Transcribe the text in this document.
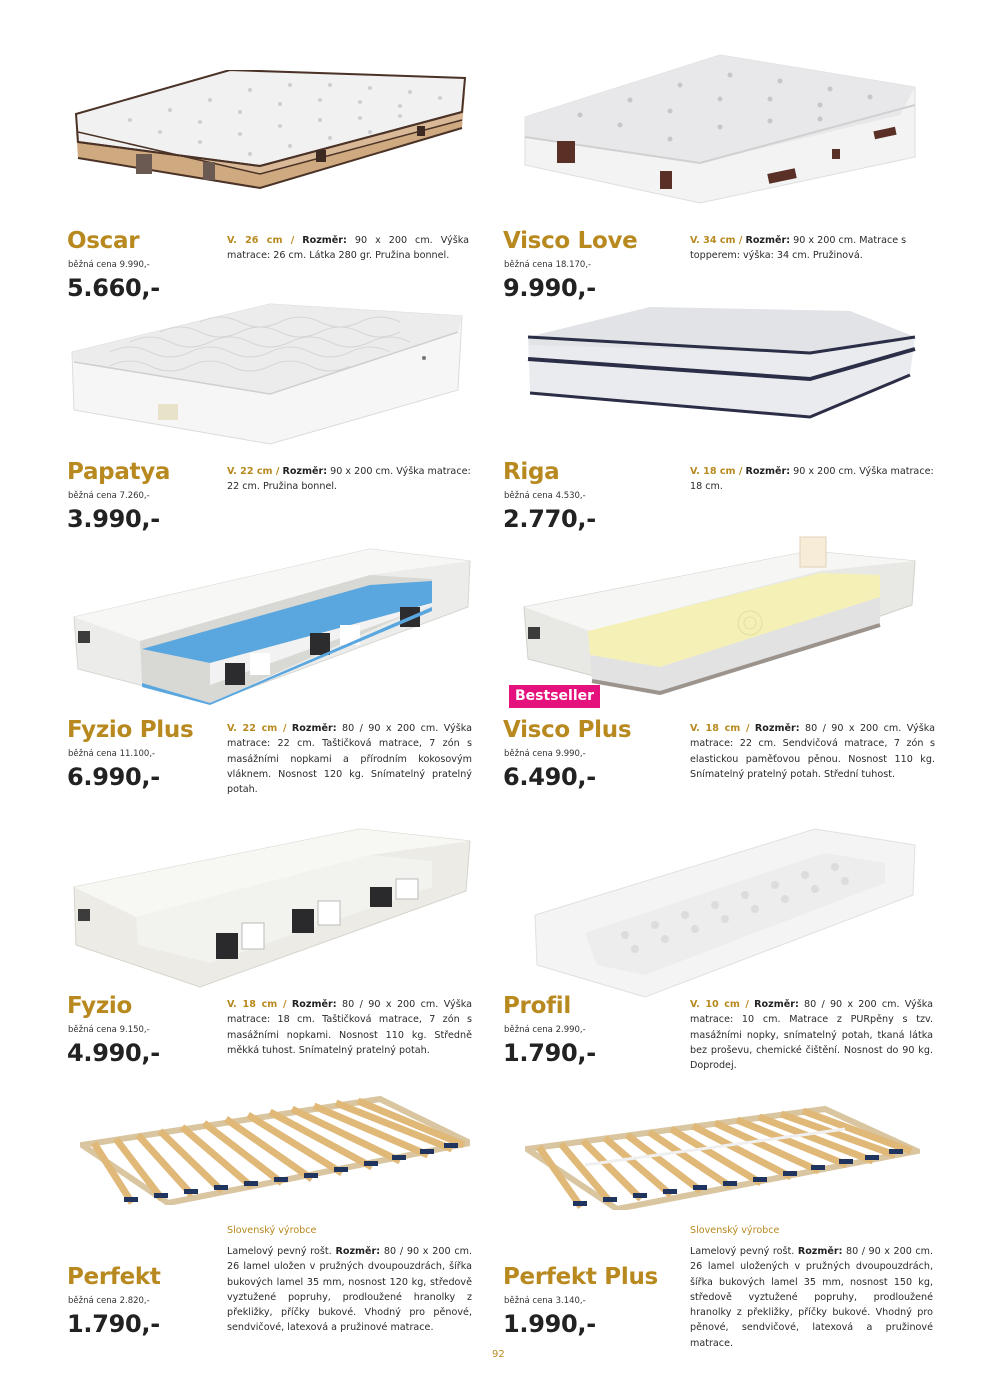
Oscar
běžná cena 9.990,-
5.660,-
V. 26 cm / Rozměr: 90 x 200 cm. Výška matrace: 26 cm. Látka 280 gr. Pružina bonnel.
Visco Love
běžná cena 18.170,-
9.990,-
V. 34 cm / Rozměr: 90 x 200 cm. Matrace s topperem: výška: 34 cm. Pružinová.
Papatya
běžná cena 7.260,-
3.990,-
V. 22 cm / Rozměr: 90 x 200 cm. Výška matrace: 22 cm. Pružina bonnel.
Riga
běžná cena 4.530,-
2.770,-
V. 18 cm / Rozměr: 90 x 200 cm. Výška matrace: 18 cm.
Fyzio Plus
běžná cena 11.100,-
6.990,-
V. 22 cm / Rozměr: 80 / 90 x 200 cm. Výška matrace: 22 cm. Taštičková matrace, 7 zón s masážními nopkami a přírodním kokosovým vláknem. Nosnost 120 kg. Snímatelný pratelný potah.
Bestseller
Visco Plus
běžná cena 9.990,-
6.490,-
V. 18 cm / Rozměr: 80 / 90 x 200 cm. Výška matrace: 22 cm. Sendvičová matrace, 7 zón s elastickou paměťovou pěnou. Nosnost 110 kg. Snímatelný pratelný potah. Střední tuhost.
Fyzio
běžná cena 9.150,-
4.990,-
V. 18 cm / Rozměr: 80 / 90 x 200 cm. Výška matrace: 18 cm. Taštičková matrace, 7 zón s masážními nopkami. Nosnost 110 kg. Středně měkká tuhost. Snímatelný pratelný potah.
Profil
běžná cena 2.990,-
1.790,-
V. 10 cm / Rozměr: 80 / 90 x 200 cm. Výška matrace: 10 cm. Matrace z PURpěny s tzv. masážními nopky, snímatelný potah, tkaná látka bez proševu, chemické čištění. Nosnost do 90 kg. Doprodej.
Slovenský výrobce
Perfekt
běžná cena 2.820,-
1.790,-
Lamelový pevný rošt. Rozměr: 80 / 90 x 200 cm. 26 lamel uložen v pružných dvoupouzdrách, šířka bukových lamel 35 mm, nosnost 120 kg, středově vyztužené popruhy, prodloužené hranolky z překližky, příčky bukové. Vhodný pro pěnové, sendvičové, latexová a pružinové matrace.
Slovenský výrobce
Perfekt Plus
běžná cena 3.140,-
1.990,-
Lamelový pevný rošt. Rozměr: 80 / 90 x 200 cm. 26 lamel uložených v pružných dvoupouzdrách, šířka bukových lamel 35 mm, nosnost 150 kg, středově vyztužené popruhy, prodloužené hranolky z překližky, příčky bukové. Vhodný pro pěnové, sendvičové, latexová a pružinové matrace.
92
